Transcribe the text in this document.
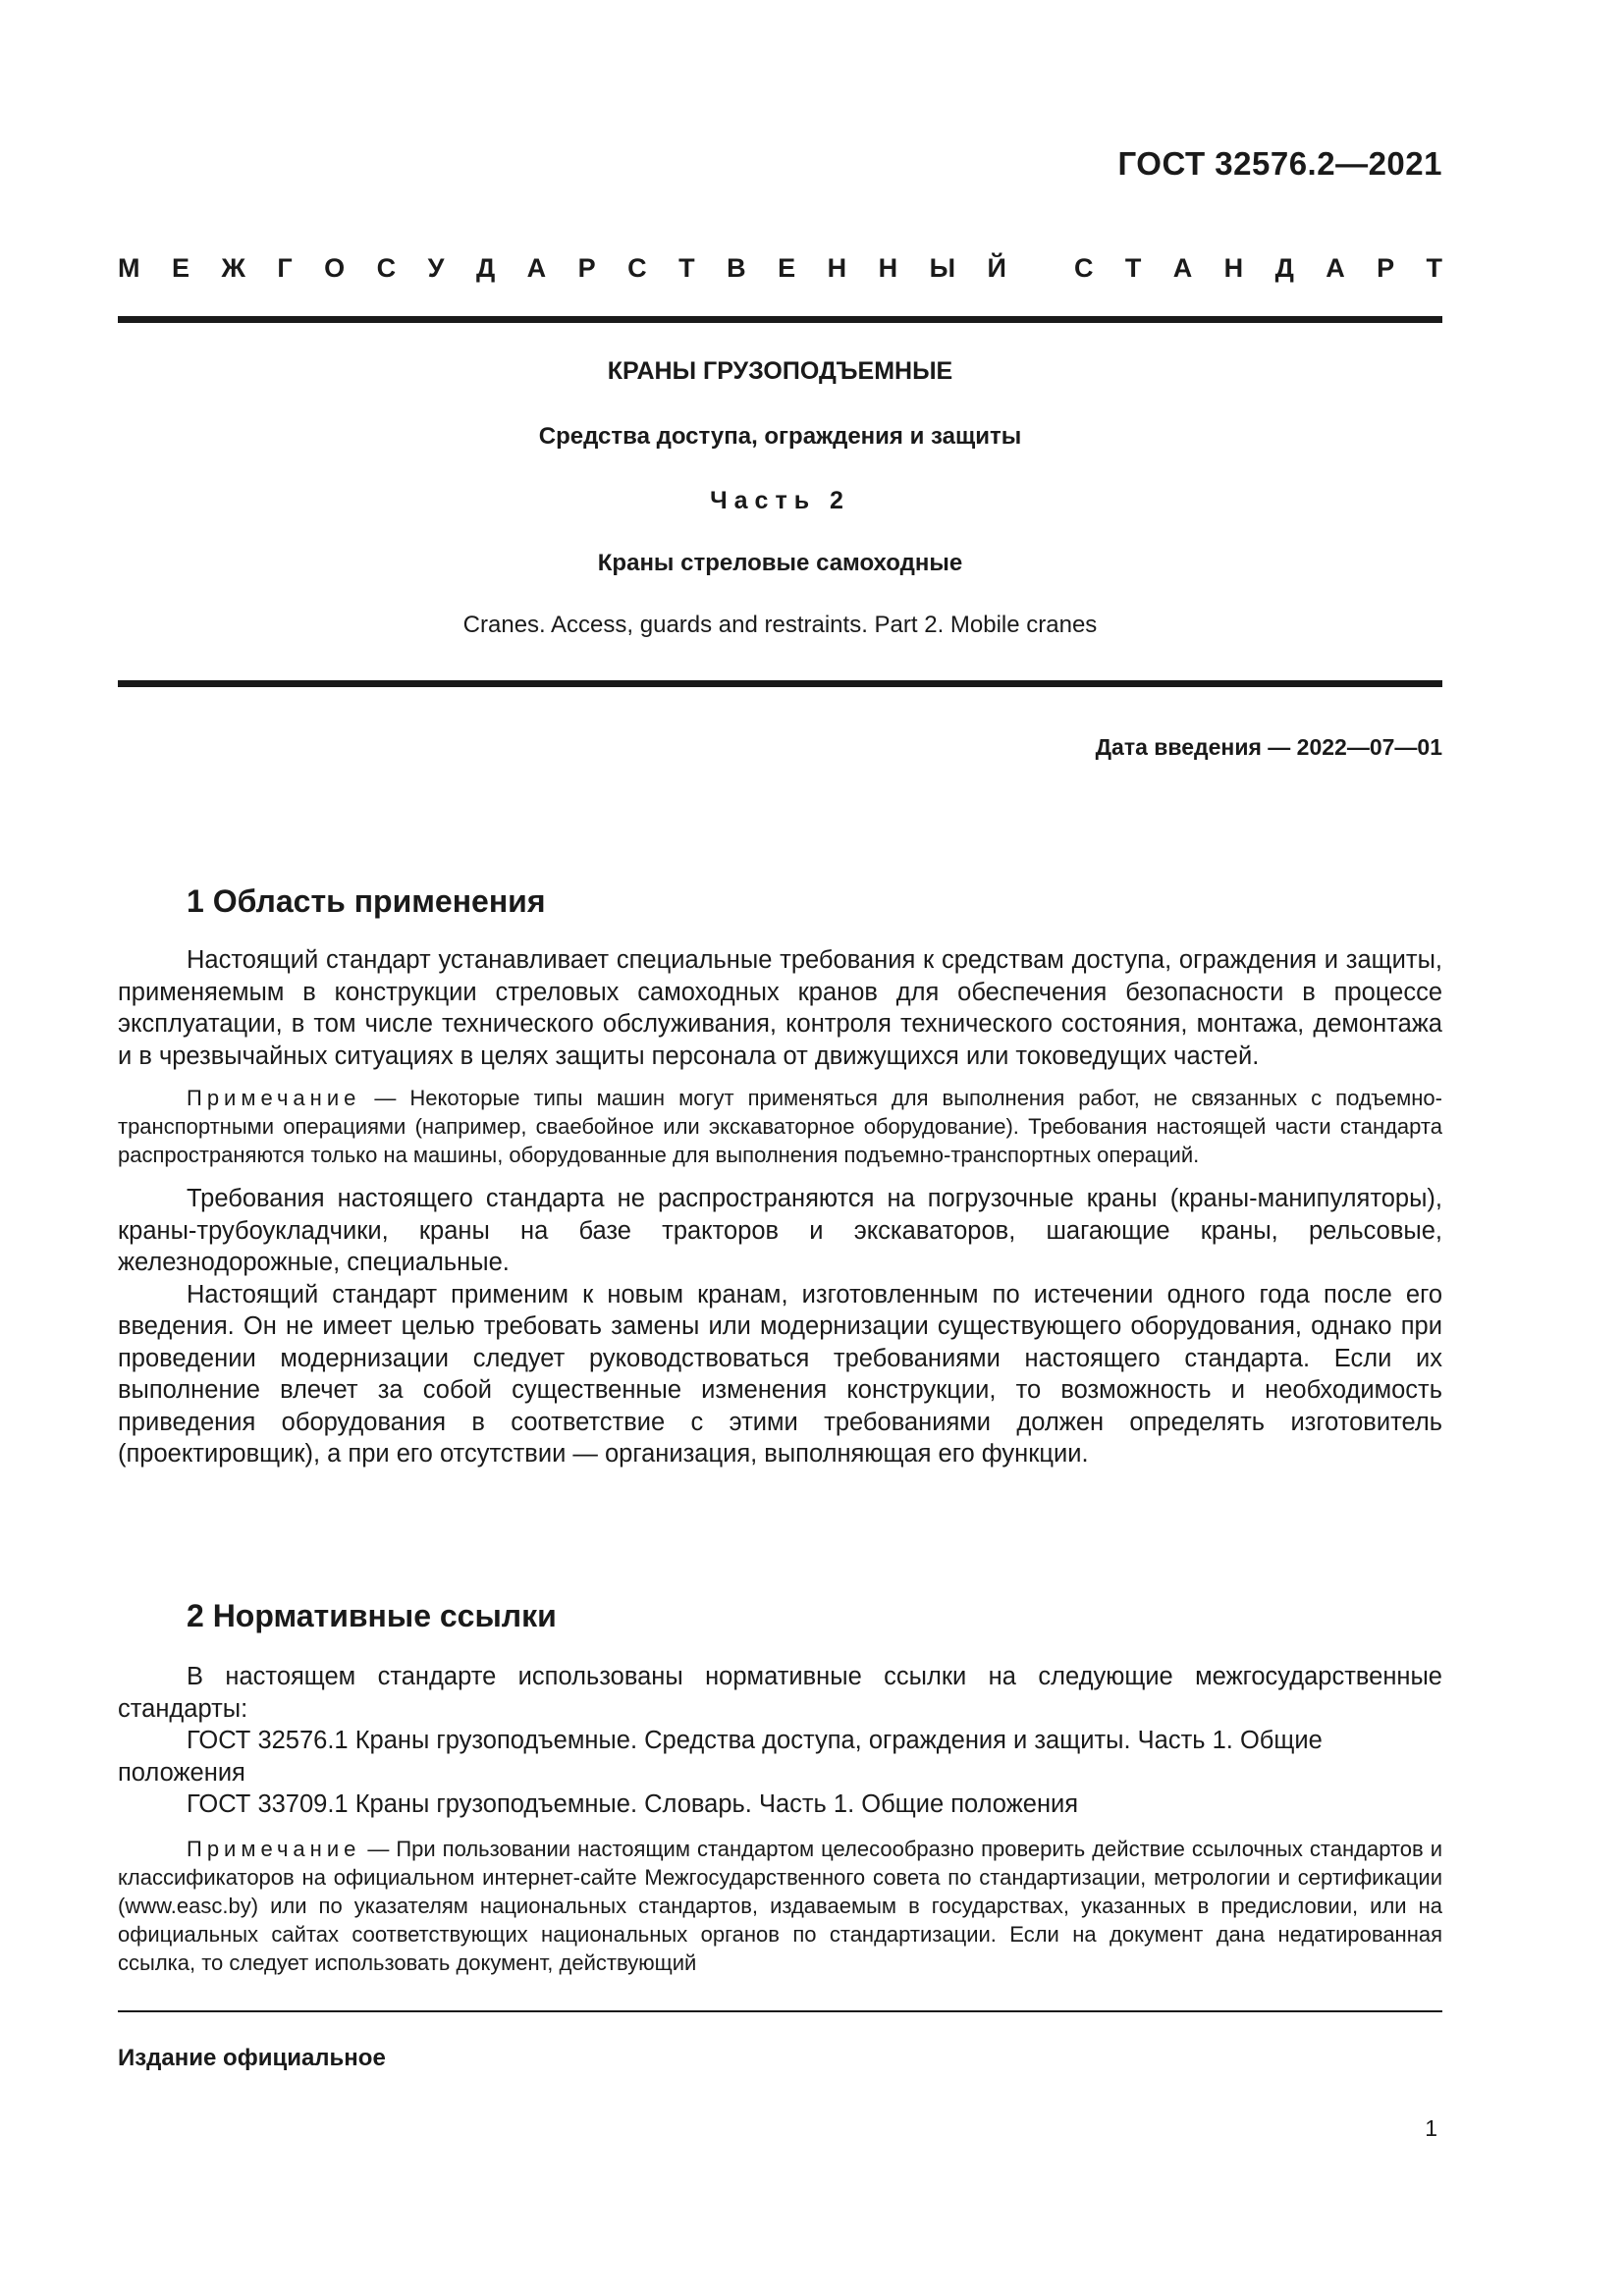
ГОСТ 32576.2—2021
М Е Ж Г О С У Д А Р С Т В Е Н Н Ы Й	С Т А Н Д А Р Т
КРАНЫ ГРУЗОПОДЪЕМНЫЕ
Средства доступа, ограждения и защиты
Часть 2
Краны стреловые самоходные
Cranes. Access, guards and restraints. Part 2. Mobile cranes
Дата введения — 2022—07—01
1 Область применения

Настоящий стандарт устанавливает специальные требования к средствам доступа, ограждения и защиты, применяемым в конструкции стреловых самоходных кранов для обеспечения безопасности в процессе эксплуатации, в том числе технического обслуживания, контроля технического состояния, монтажа, демонтажа и в чрезвычайных ситуациях в целях защиты персонала от движущихся или токоведущих частей.

Примечание — Некоторые типы машин могут применяться для выполнения работ, не связанных с подъемно-транспортными операциями (например, сваебойное или экскаваторное оборудование). Требования настоящей части стандарта распространяются только на машины, оборудованные для выполнения подъемно-транспортных операций.

Требования настоящего стандарта не распространяются на погрузочные краны (краны-манипуляторы), краны-трубоукладчики, краны на базе тракторов и экскаваторов, шагающие краны, рельсовые, железнодорожные, специальные.

Настоящий стандарт применим к новым кранам, изготовленным по истечении одного года после его введения. Он не имеет целью требовать замены или модернизации существующего оборудования, однако при проведении модернизации следует руководствоваться требованиями настоящего стандарта. Если их выполнение влечет за собой существенные изменения конструкции, то возможность и необходимость приведения оборудования в соответствие с этими требованиями должен определять изготовитель (проектировщик), а при его отсутствии — организация, выполняющая его функции.

2 Нормативные ссылки

В настоящем стандарте использованы нормативные ссылки на следующие межгосударственные стандарты:

ГОСТ 32576.1 Краны грузоподъемные. Средства доступа, ограждения и защиты. Часть 1. Общие положения

ГОСТ 33709.1 Краны грузоподъемные. Словарь. Часть 1. Общие положения

Примечание — При пользовании настоящим стандартом целесообразно проверить действие ссылочных стандартов и классификаторов на официальном интернет-сайте Межгосударственного совета по стандартизации, метрологии и сертификации (www.easc.by) или по указателям национальных стандартов, издаваемым в государствах, указанных в предисловии, или на официальных сайтах соответствующих национальных органов по стандартизации. Если на документ дана недатированная ссылка, то следует использовать документ, действующий

Издание официальное
1
